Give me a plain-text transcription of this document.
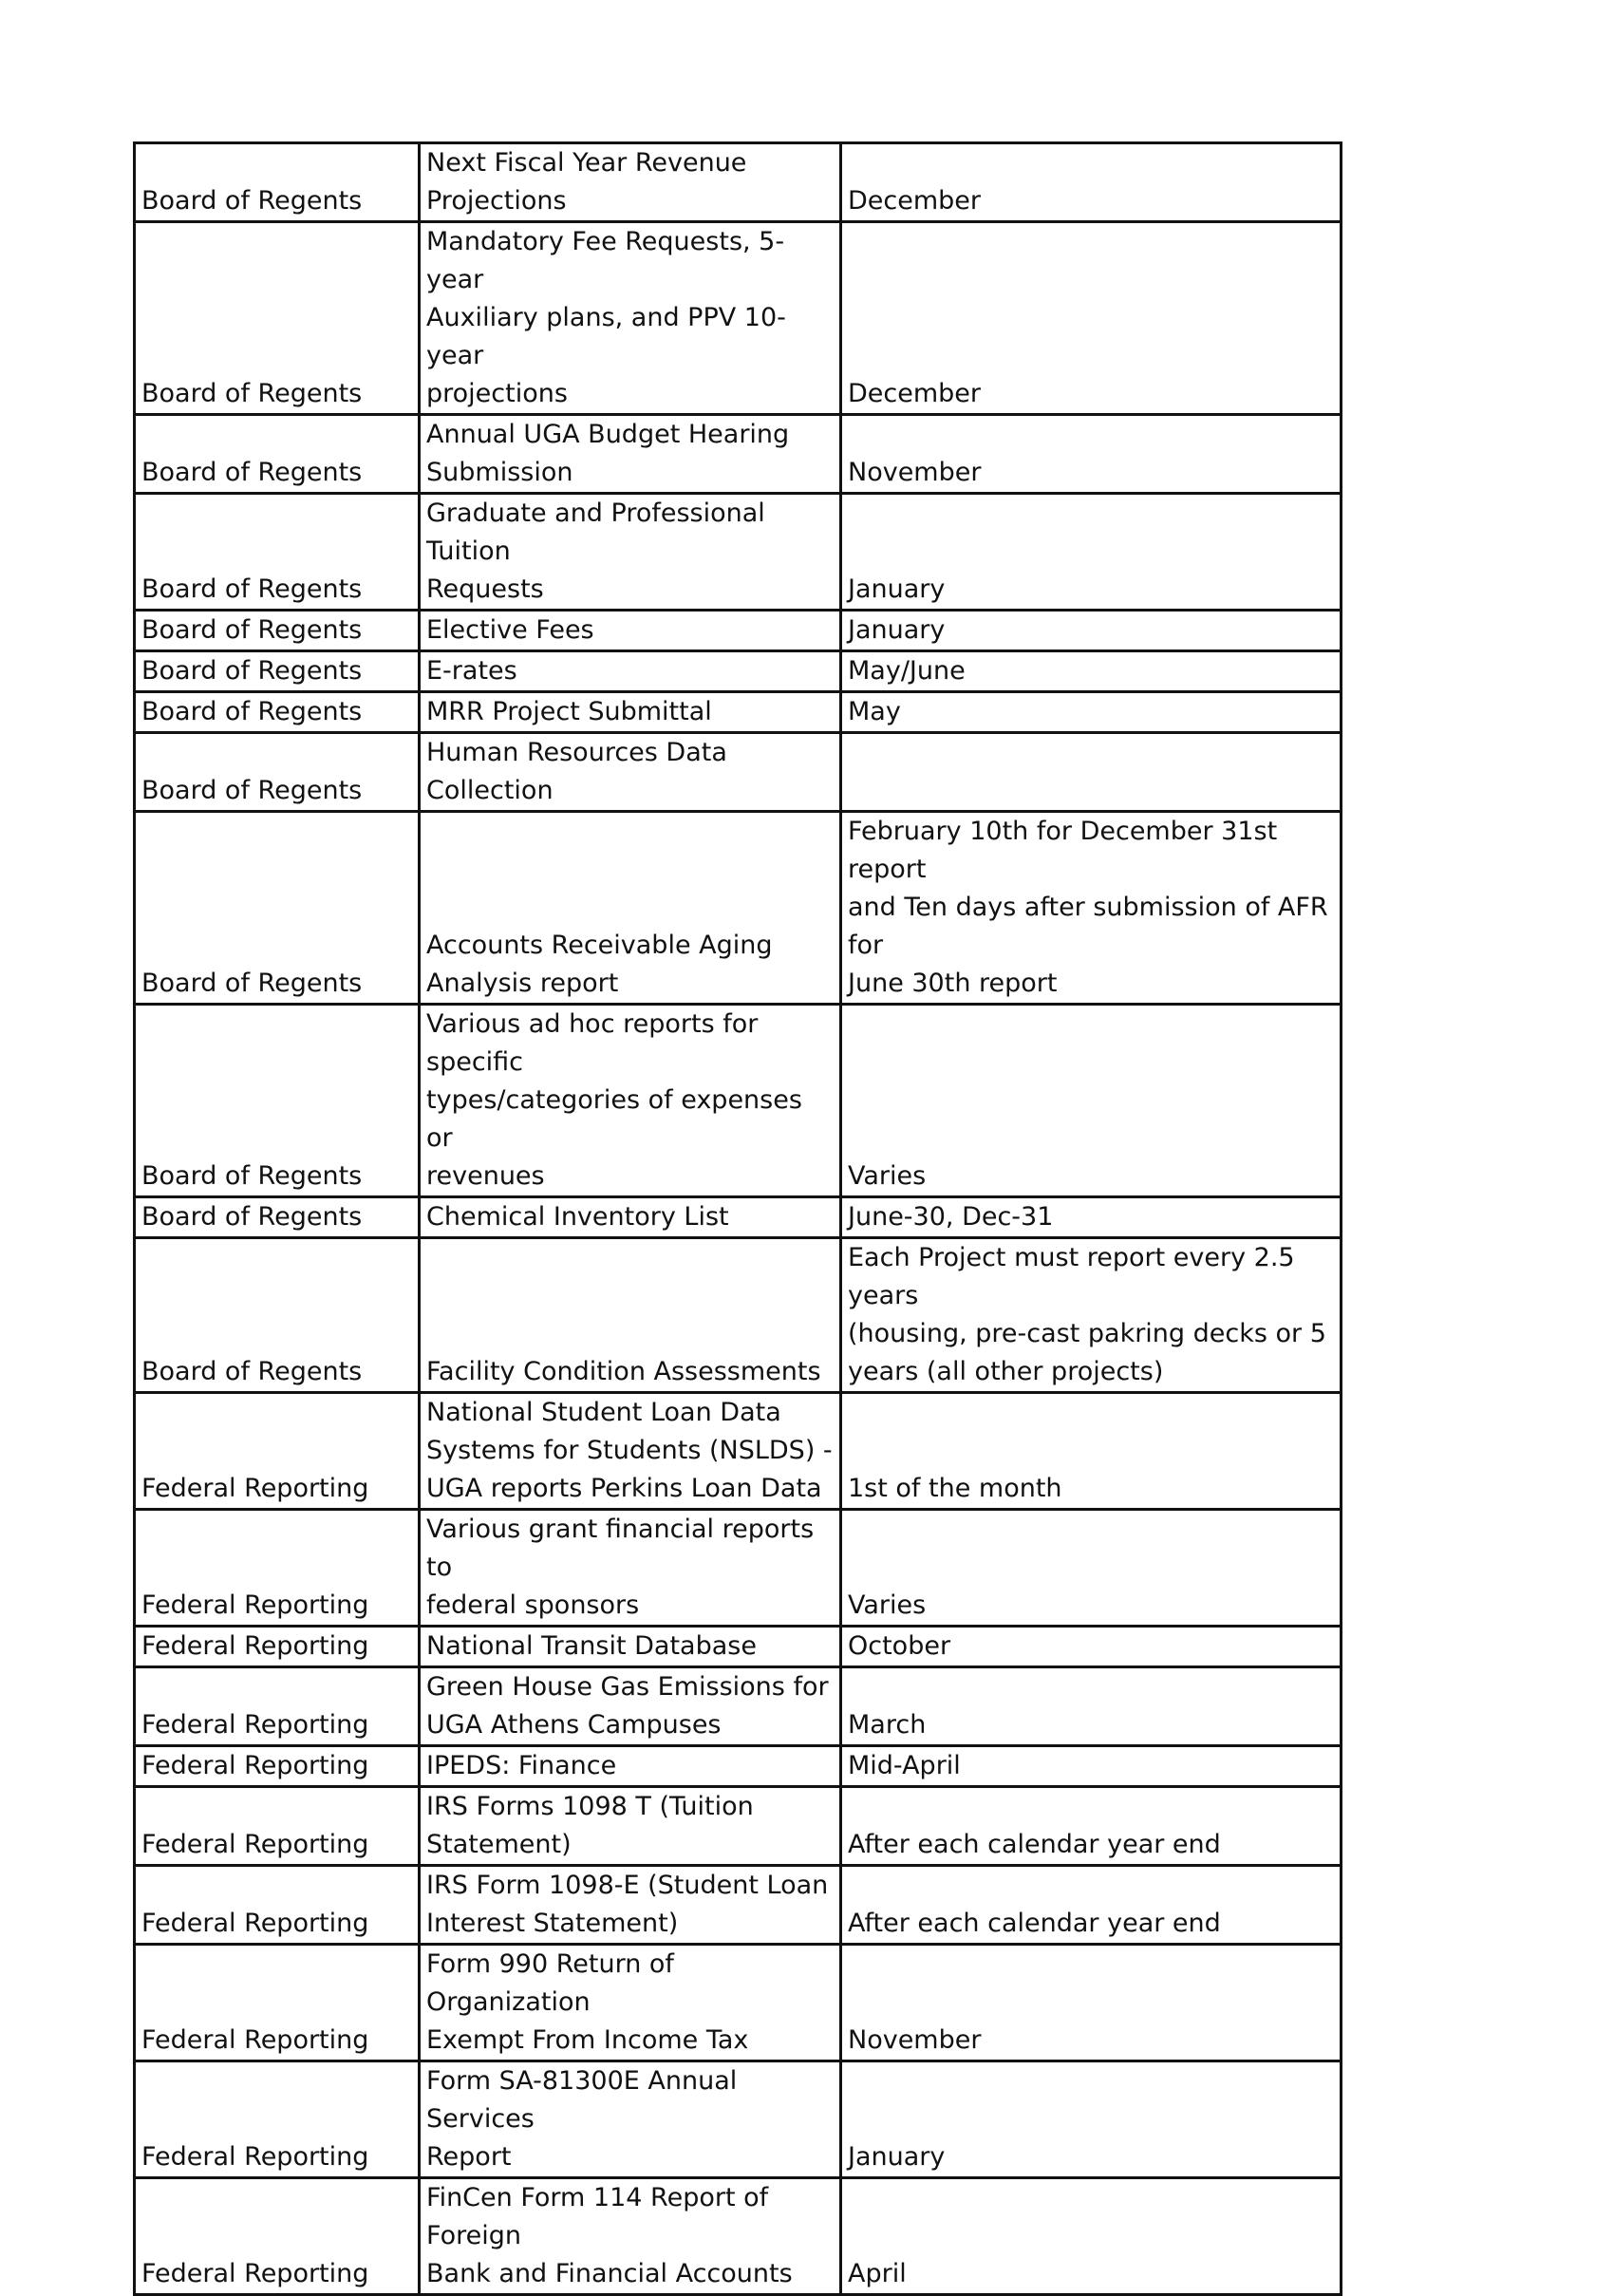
Board of Regents	Next Fiscal Year Revenue
Projections	December
Board of Regents	Mandatory Fee Requests, 5-year
Auxiliary plans, and PPV 10-year
projections	December
Board of Regents	Annual UGA Budget Hearing
Submission	November
Board of Regents	Graduate and Professional Tuition
Requests	January
Board of Regents	Elective Fees	January
Board of Regents	E-rates	May/June
Board of Regents	MRR Project Submittal	May
Board of Regents	Human Resources Data Collection	
Board of Regents	Accounts Receivable Aging
Analysis report	February 10th for December 31st report
and Ten days after submission of AFR for
June 30th report
Board of Regents	Various ad hoc reports for specific
types/categories of expenses or
revenues	Varies
Board of Regents	Chemical Inventory List	June-30, Dec-31
Board of Regents	Facility Condition Assessments	Each Project must report every 2.5 years
(housing, pre-cast pakring decks or 5
years (all other projects)
Federal Reporting	National Student Loan Data
Systems for Students (NSLDS) -
UGA reports Perkins Loan Data	1st of the month
Federal Reporting	Various grant financial reports to
federal sponsors	Varies
Federal Reporting	National Transit Database	October
Federal Reporting	Green House Gas Emissions for
UGA Athens Campuses	March
Federal Reporting	IPEDS: Finance	Mid-April
Federal Reporting	IRS Forms 1098 T (Tuition
Statement)	After each calendar year end
Federal Reporting	IRS Form 1098-E (Student Loan
Interest Statement)	After each calendar year end
Federal Reporting	Form 990 Return of Organization
Exempt From Income Tax	November
Federal Reporting	Form SA-81300E Annual Services
Report	January
Federal Reporting	FinCen Form 114 Report of Foreign
Bank and Financial Accounts	April
